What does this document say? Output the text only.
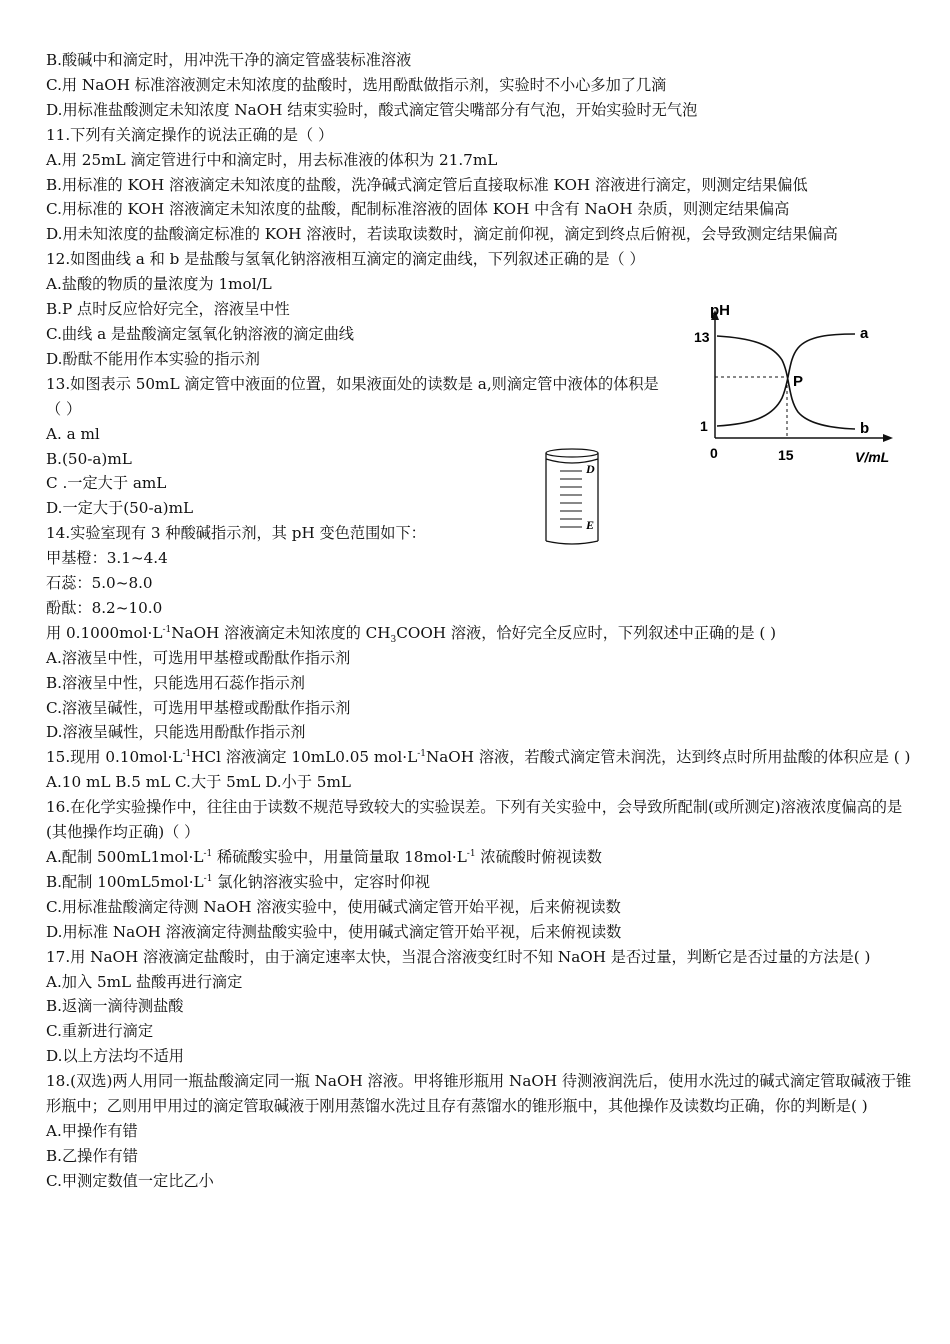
B.酸碱中和滴定时，用冲洗干净的滴定管盛装标准溶液
C.用 NaOH 标准溶液测定未知浓度的盐酸时，选用酚酞做指示剂，实验时不小心多加了几滴
D.用标准盐酸测定未知浓度 NaOH 结束实验时，酸式滴定管尖嘴部分有气泡，开始实验时无气泡
11.下列有关滴定操作的说法正确的是（ ）
A.用 25mL 滴定管进行中和滴定时，用去标准液的体积为 21.7mL
B.用标准的 KOH 溶液滴定未知浓度的盐酸，洗净碱式滴定管后直接取标准 KOH 溶液进行滴定，则测定结果偏低
C.用标准的 KOH 溶液滴定未知浓度的盐酸，配制标准溶液的固体 KOH 中含有 NaOH 杂质，则测定结果偏高
D.用未知浓度的盐酸滴定标准的 KOH 溶液时，若读取读数时，滴定前仰视，滴定到终点后俯视，会导致测定结果偏高
12.如图曲线 a 和 b 是盐酸与氢氧化钠溶液相互滴定的滴定曲线，下列叙述正确的是（ ）
A.盐酸的物质的量浓度为 1mol/L
B.P 点时反应恰好完全，溶液呈中性
C.曲线 a 是盐酸滴定氢氧化钠溶液的滴定曲线
D.酚酞不能用作本实验的指示剂
13.如图表示 50mL 滴定管中液面的位置，如果液面处的读数是 a,则滴定管中液体的体积是（ ）
A. a ml
B.(50-a)mL
C .一定大于 amL
D.一定大于(50-a)mL
14.实验室现有 3 种酸碱指示剂，其 pH 变色范围如下：
甲基橙：3.1~4.4
石蕊：5.0~8.0
酚酞：8.2~10.0
用 $0.1000mol\cdot L^{-1}NaOH$ 溶液滴定未知浓度的 $CH_3COOH$ 溶液，恰好完全反应时，下列叙述中正确的是 ( )
A.溶液呈中性，可选用甲基橙或酚酞作指示剂
B.溶液呈中性，只能选用石蕊作指示剂
C.溶液呈碱性，可选用甲基橙或酚酞作指示剂
D.溶液呈碱性，只能选用酚酞作指示剂
15.现用 $0.10mol\cdot L^{-1}HCl$ 溶液滴定 10mL0.05 $mol\cdot L^{-1}NaOH$ 溶液，若酸式滴定管未润洗，达到终点时所用盐酸的体积应是 ( )
A.10 mL B.5 mL C.大于 5mL D.小于 5mL
16.在化学实验操作中，往往由于读数不规范导致较大的实验误差。下列有关实验中，会导致所配制(或所测定)溶液浓度偏高的是(其他操作均正确)（ ）
A.配制 $500mL1mol\cdot L^{-1}$ 稀硫酸实验中，用量筒量取 $18mol\cdot L^{-1}$ 浓硫酸时俯视读数
B.配制 $100mL5mol\cdot L^{-1}$ 氯化钠溶液实验中，定容时仰视
C.用标准盐酸滴定待测 NaOH 溶液实验中，使用碱式滴定管开始平视，后来俯视读数
D.用标准 NaOH 溶液滴定待测盐酸实验中，使用碱式滴定管开始平视，后来俯视读数
17.用 NaOH 溶液滴定盐酸时，由于滴定速率太快，当混合溶液变红时不知 NaOH 是否过量，判断它是否过量的方法是( )
A.加入 5mL 盐酸再进行滴定
B.返滴一滴待测盐酸
C.重新进行滴定
D.以上方法均不适用
18.(双选)两人用同一瓶盐酸滴定同一瓶 NaOH 溶液。甲将锥形瓶用 NaOH 待测液润洗后，使用水洗过的碱式滴定管取碱液于锥形瓶中；乙则用甲用过的滴定管取碱液于刚用蒸馏水洗过且存有蒸馏水的锥形瓶中，其他操作及读数均正确，你的判断是( )
A.甲操作有错
B.乙操作有错
C.甲测定数值一定比乙小
pH
13
1
0	15	V/mL
P
a
b
D
E
